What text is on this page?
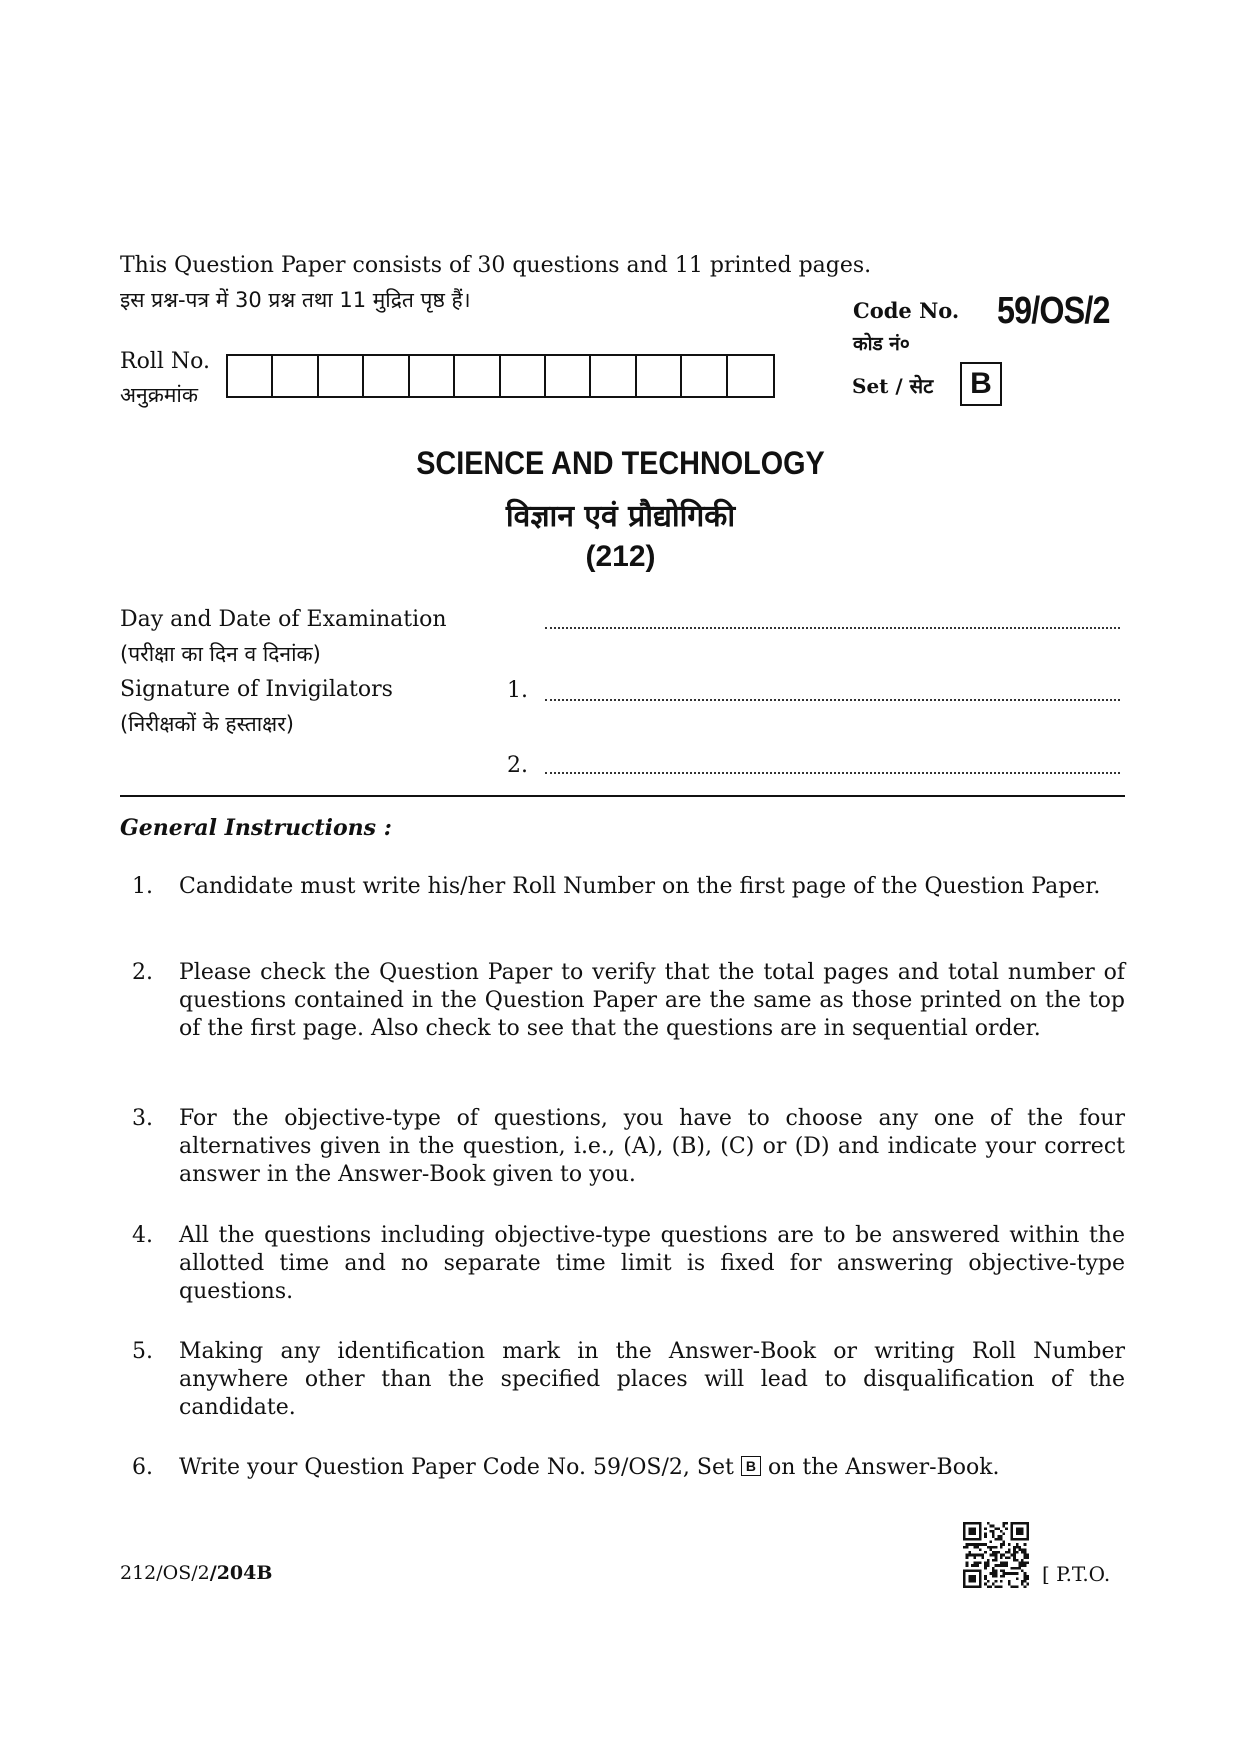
This Question Paper consists of 30 questions and 11 printed pages.
इस प्रश्न-पत्र में 30 प्रश्न तथा 11 मुद्रित पृष्ठ हैं।	Code No. 59/OS/2
कोड नं०
Roll No.
अनुक्रमांक	Set / सेट	B
SCIENCE AND TECHNOLOGY
विज्ञान एवं प्रौद्योगिकी
(212)
Day and Date of Examination
(परीक्षा का दिन व दिनांक)
Signature of Invigilators
(निरीक्षकों के हस्ताक्षर)
1.
2.
General Instructions :
1.	Candidate must write his/her Roll Number on the first page of the Question Paper.
2.	Please check the Question Paper to verify that the total pages and total number of questions contained in the Question Paper are the same as those printed on the top of the first page. Also check to see that the questions are in sequential order.
3.	For the objective-type of questions, you have to choose any one of the four alternatives given in the question, i.e., (A), (B), (C) or (D) and indicate your correct answer in the Answer-Book given to you.
4.	All the questions including objective-type questions are to be answered within the allotted time and no separate time limit is fixed for answering objective-type questions.
5.	Making any identification mark in the Answer-Book or writing Roll Number anywhere other than the specified places will lead to disqualification of the candidate.
6.	Write your Question Paper Code No. 59/OS/2, Set B on the Answer-Book.
212/OS/2/204B	[ P.T.O.
